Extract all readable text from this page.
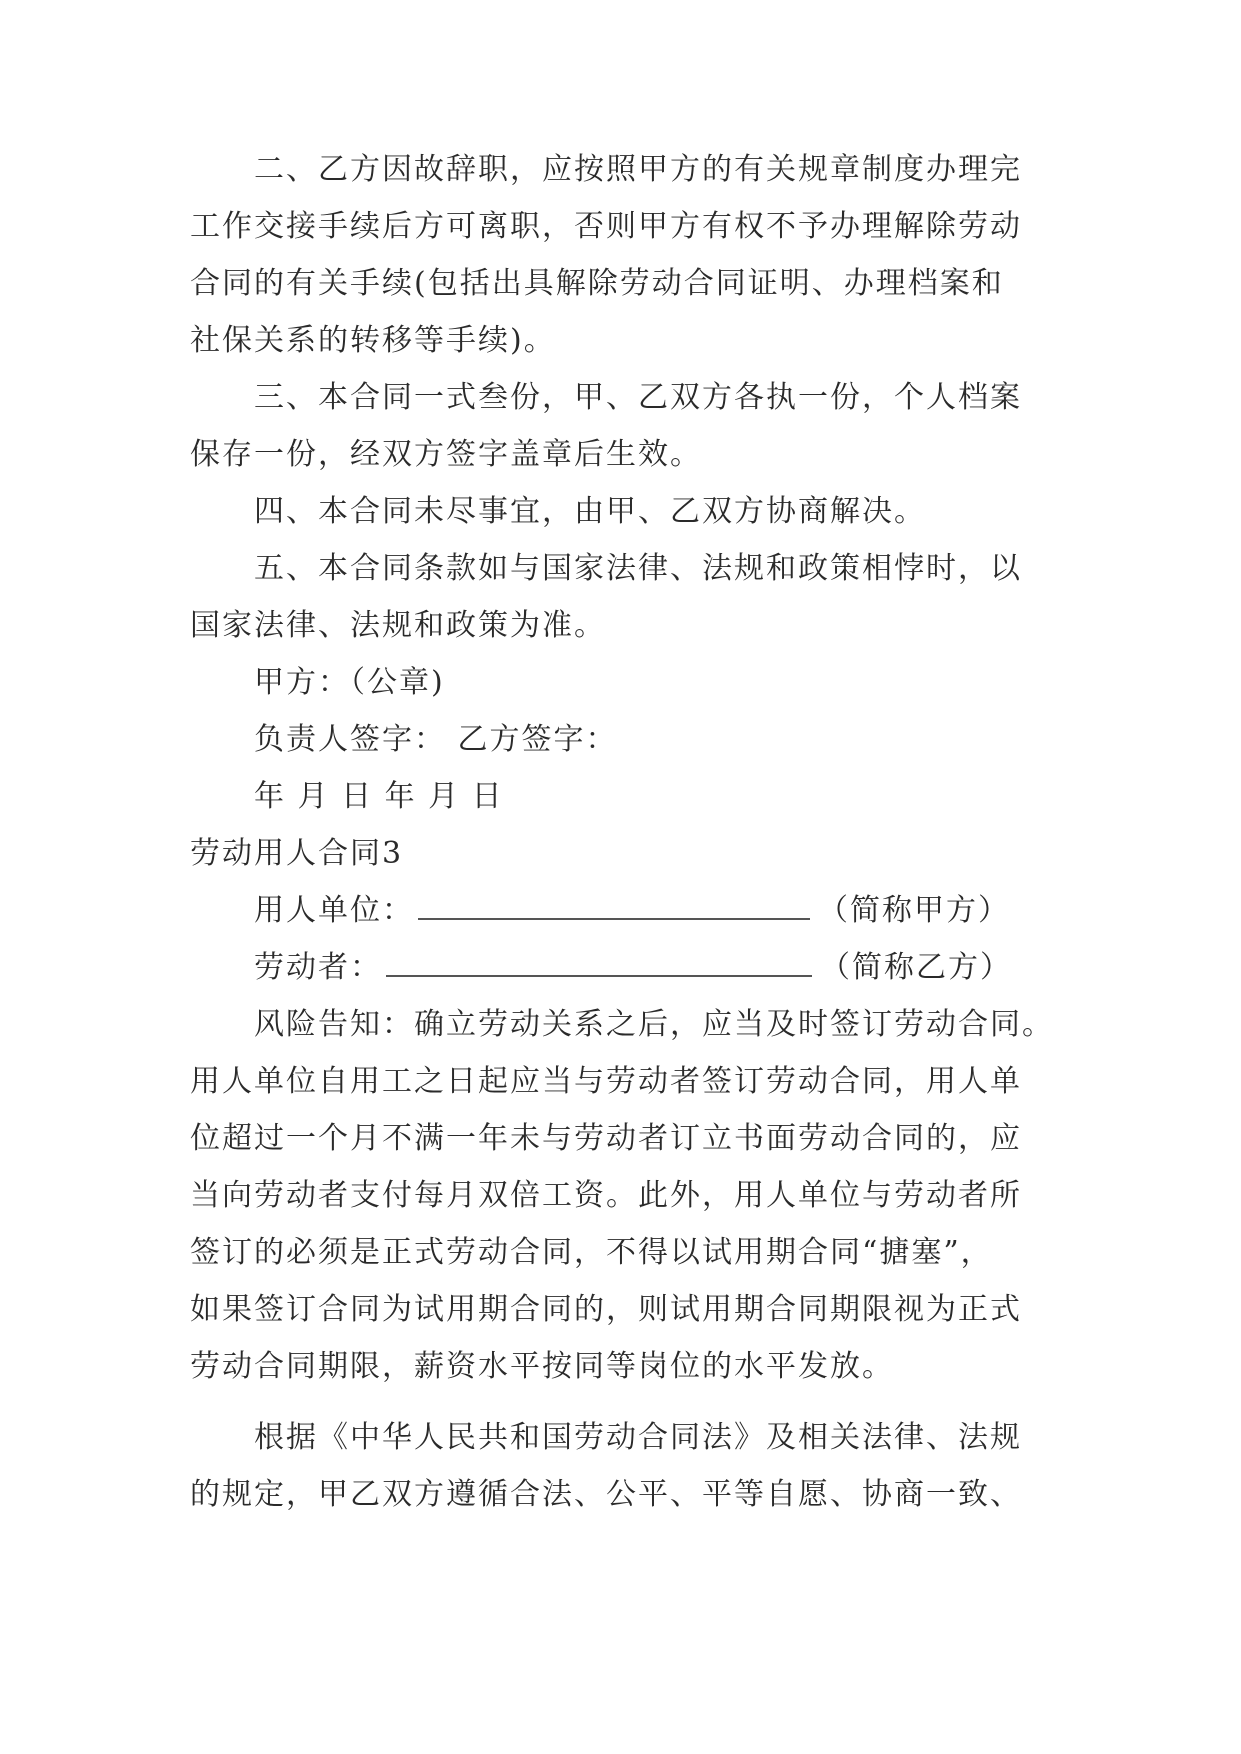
二、乙方因故辞职，应按照甲方的有关规章制度办理完
工作交接手续后方可离职，否则甲方有权不予办理解除劳动
合同的有关手续(包括出具解除劳动合同证明、办理档案和
社保关系的转移等手续)。
三、本合同一式叁份，甲、乙双方各执一份，个人档案
保存一份，经双方签字盖章后生效。
四、本合同未尽事宜，由甲、乙双方协商解决。
五、本合同条款如与国家法律、法规和政策相悖时，以
国家法律、法规和政策为准。
甲方：（公章)
负责人签字： 乙方签字：
年 月 日 年 月 日
劳动用人合同3
用人单位：	（简称甲方）
劳动者：	（简称乙方）
风险告知：确立劳动关系之后，应当及时签订劳动合同。
用人单位自用工之日起应当与劳动者签订劳动合同，用人单
位超过一个月不满一年未与劳动者订立书面劳动合同的，应
当向劳动者支付每月双倍工资。此外，用人单位与劳动者所
签订的必须是正式劳动合同，不得以试用期合同“搪塞”，
如果签订合同为试用期合同的，则试用期合同期限视为正式
劳动合同期限，薪资水平按同等岗位的水平发放。
根据《中华人民共和国劳动合同法》及相关法律、法规
的规定，甲乙双方遵循合法、公平、平等自愿、协商一致、
